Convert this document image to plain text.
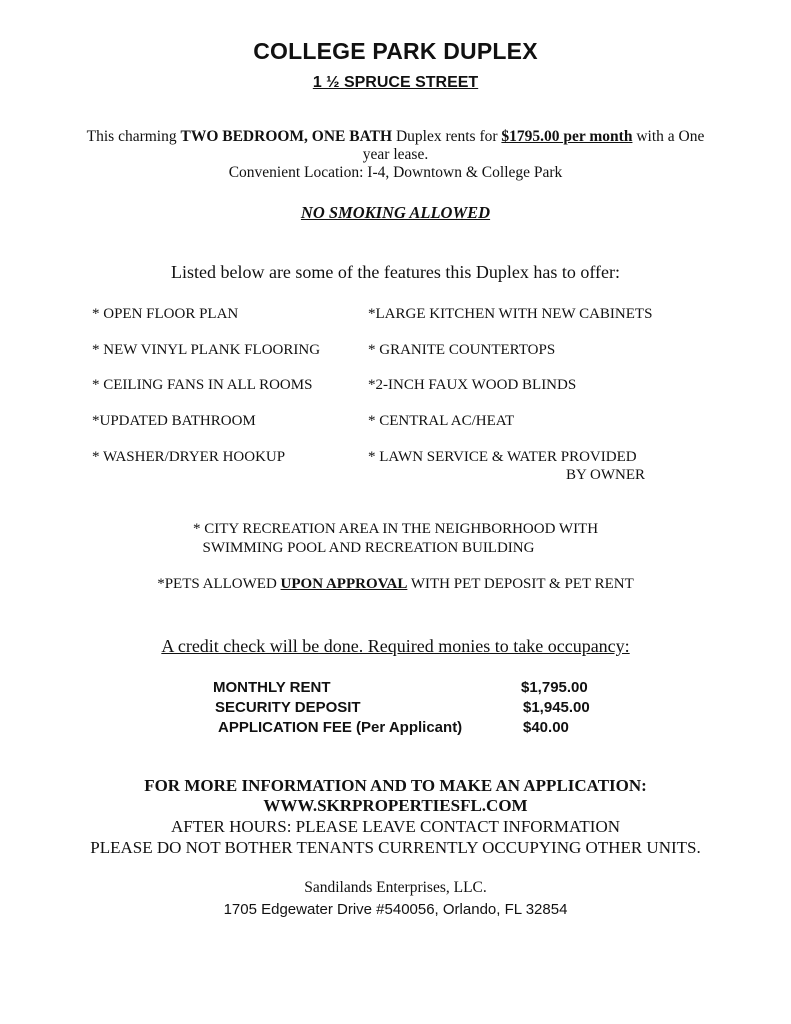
COLLEGE PARK DUPLEX
1 ½ SPRUCE STREET
This charming TWO BEDROOM, ONE BATH Duplex rents for $1795.00 per month with a One
year lease.
Convenient Location: I-4, Downtown & College Park
NO SMOKING ALLOWED
Listed below are some of the features this Duplex has to offer:
* OPEN FLOOR PLAN
* NEW VINYL PLANK FLOORING
* CEILING FANS IN ALL ROOMS
*UPDATED BATHROOM
* WASHER/DRYER HOOKUP
*LARGE KITCHEN WITH NEW CABINETS
* GRANITE COUNTERTOPS
*2-INCH FAUX WOOD BLINDS
* CENTRAL AC/HEAT
* LAWN SERVICE & WATER PROVIDED
BY OWNER
* CITY RECREATION AREA IN THE NEIGHBORHOOD WITH
SWIMMING POOL AND RECREATION BUILDING
*PETS ALLOWED UPON APPROVAL WITH PET DEPOSIT & PET RENT
A credit check will be done. Required monies to take occupancy:
MONTHLY RENT	$1,795.00
SECURITY DEPOSIT	$1,945.00
APPLICATION FEE (Per Applicant)	$40.00
FOR MORE INFORMATION AND TO MAKE AN APPLICATION:
WWW.SKRPROPERTIESFL.COM
AFTER HOURS: PLEASE LEAVE CONTACT INFORMATION
PLEASE DO NOT BOTHER TENANTS CURRENTLY OCCUPYING OTHER UNITS.
Sandilands Enterprises, LLC.
1705 Edgewater Drive #540056, Orlando, FL 32854
